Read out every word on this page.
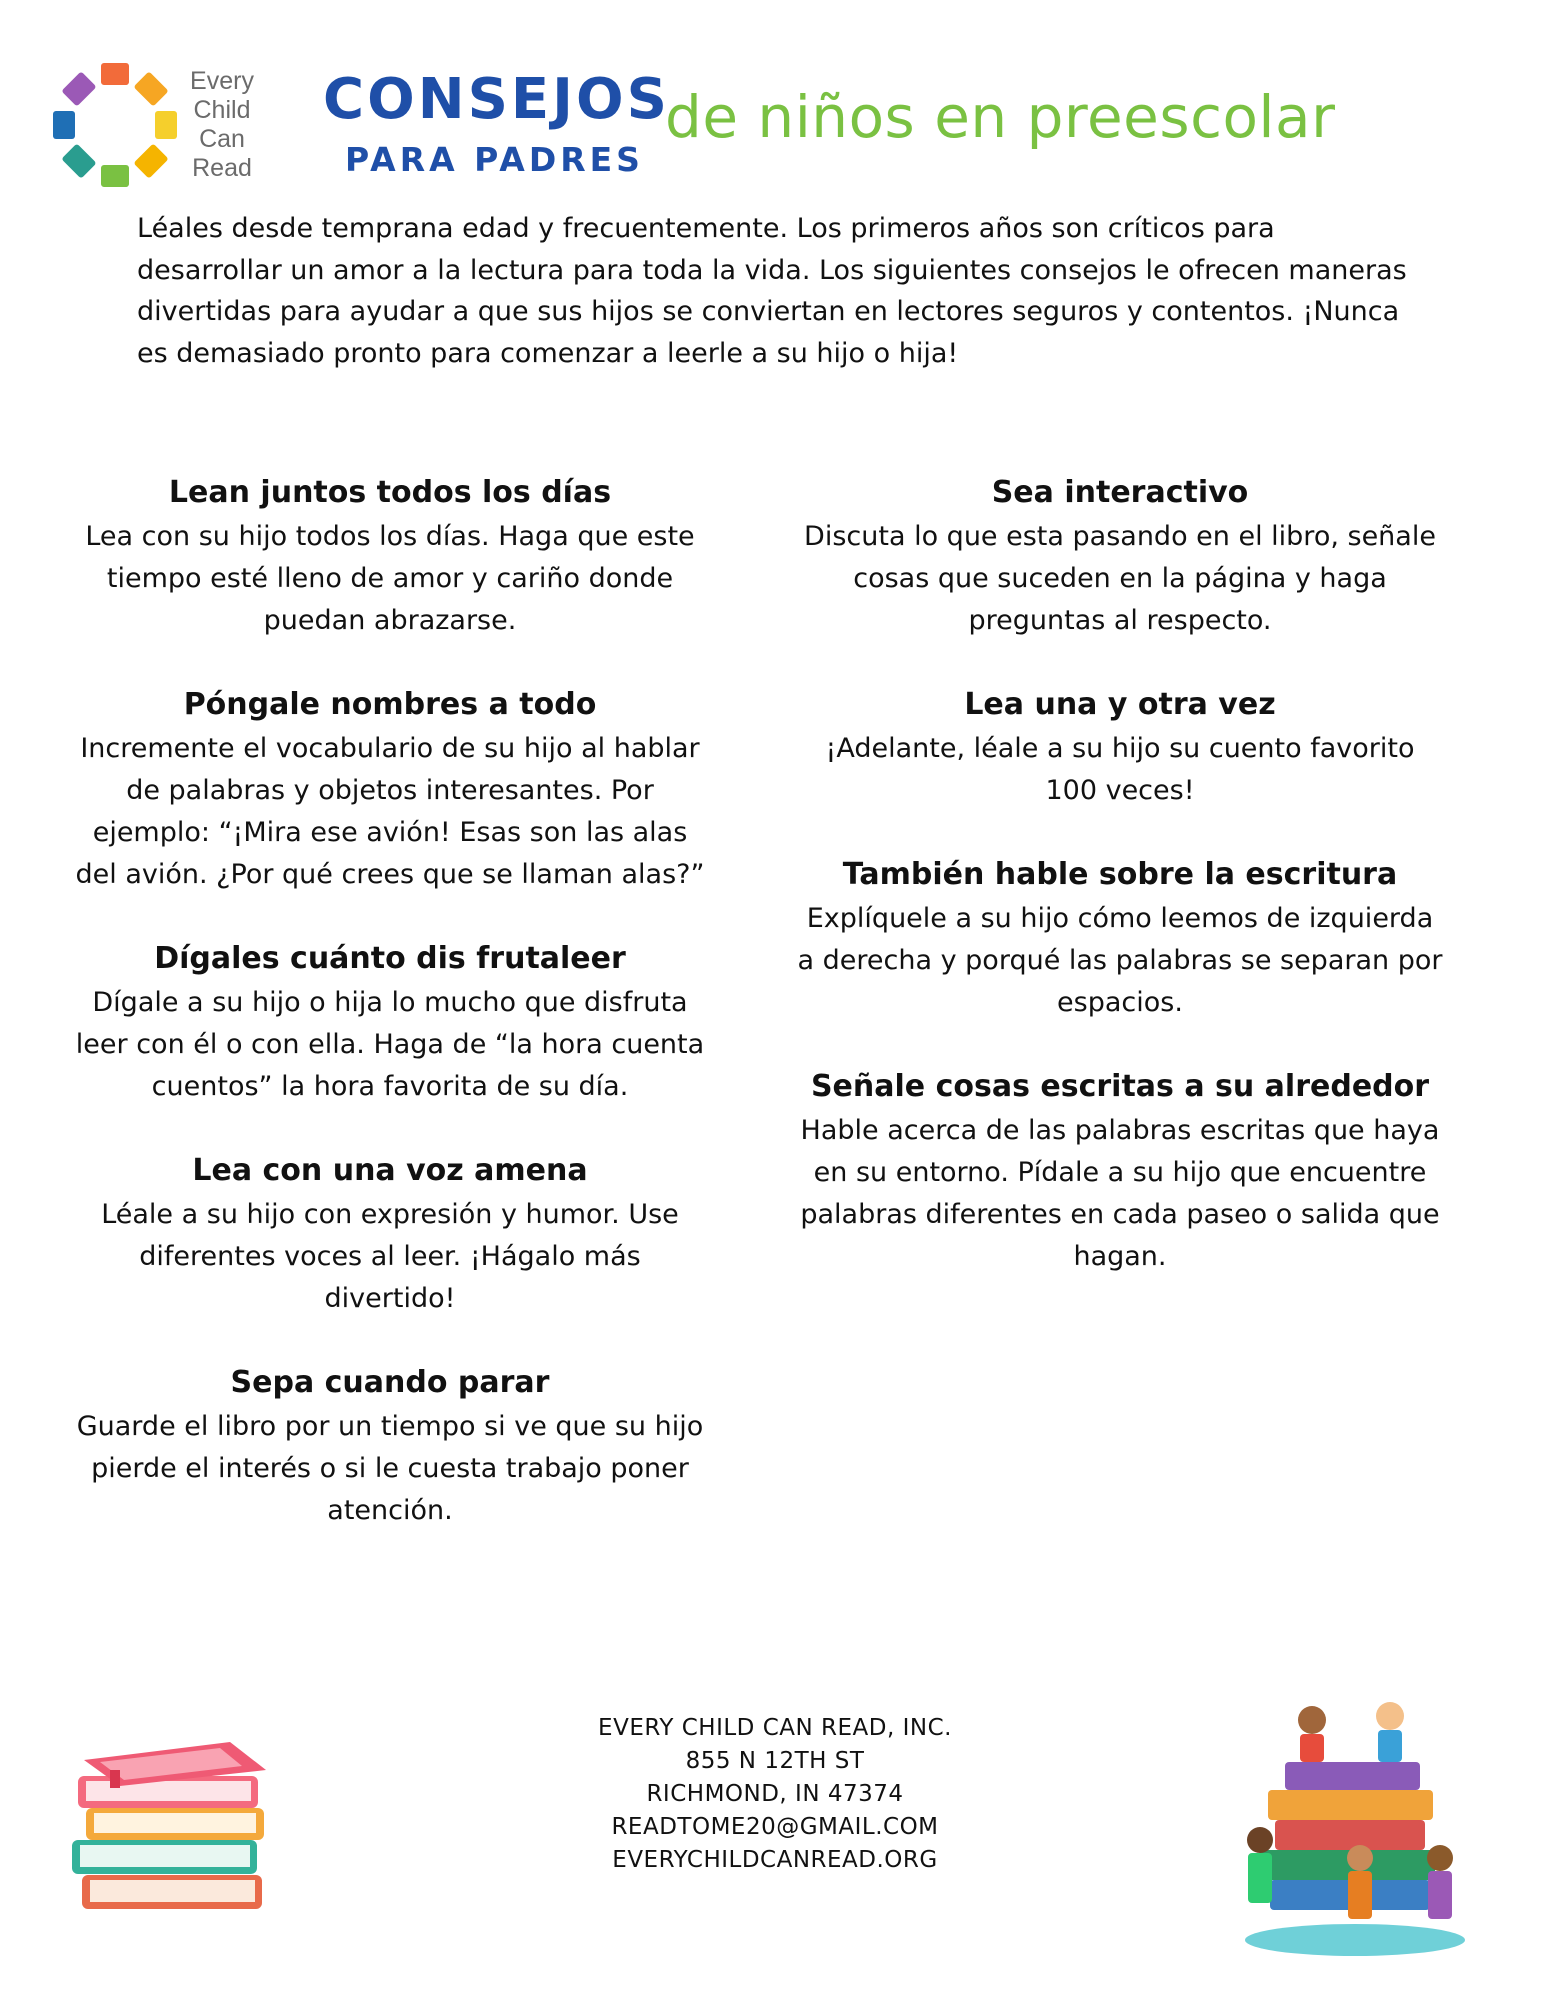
Every
Child
Can
Read
CONSEJOS
PARA PADRES
de niños en preescolar
Léales desde temprana edad y frecuentemente. Los primeros años son críticos para desarrollar un amor a la lectura para toda la vida. Los siguientes consejos le ofrecen maneras divertidas para ayudar a que sus hijos se conviertan en lectores seguros y contentos. ¡Nunca es demasiado pronto para comenzar a leerle a su hijo o hija!
Lean juntos todos los días

Lea con su hijo todos los días. Haga que este

tiempo esté lleno de amor y cariño donde

puedan abrazarse.

Póngale nombres a todo

Incremente el vocabulario de su hijo al hablar

de palabras y objetos interesantes. Por

ejemplo: “¡Mira ese avión! Esas son las alas

del avión. ¿Por qué crees que se llaman alas?”

Dígales cuánto dis frutaleer

Dígale a su hijo o hija lo mucho que disfruta

leer con él o con ella. Haga de “la hora cuenta

cuentos” la hora favorita de su día.

Lea con una voz amena

Léale a su hijo con expresión y humor. Use

diferentes voces al leer. ¡Hágalo más

divertido!

Sepa cuando parar

Guarde el libro por un tiempo si ve que su hijo

pierde el interés o si le cuesta trabajo poner

atención.

Sea interactivo

Discuta lo que esta pasando en el libro, señale

cosas que suceden en la página y haga

preguntas al respecto.

Lea una y otra vez

¡Adelante, léale a su hijo su cuento favorito

100 veces!

También hable sobre la escritura

Explíquele a su hijo cómo leemos de izquierda

a derecha y porqué las palabras se separan por

espacios.

Señale cosas escritas a su alrededor

Hable acerca de las palabras escritas que haya

en su entorno. Pídale a su hijo que encuentre

palabras diferentes en cada paseo o salida que

hagan.

EVERY CHILD CAN READ, INC.
855 N 12TH ST
RICHMOND, IN 47374
READTOME20@GMAIL.COM
EVERYCHILDCANREAD.ORG
